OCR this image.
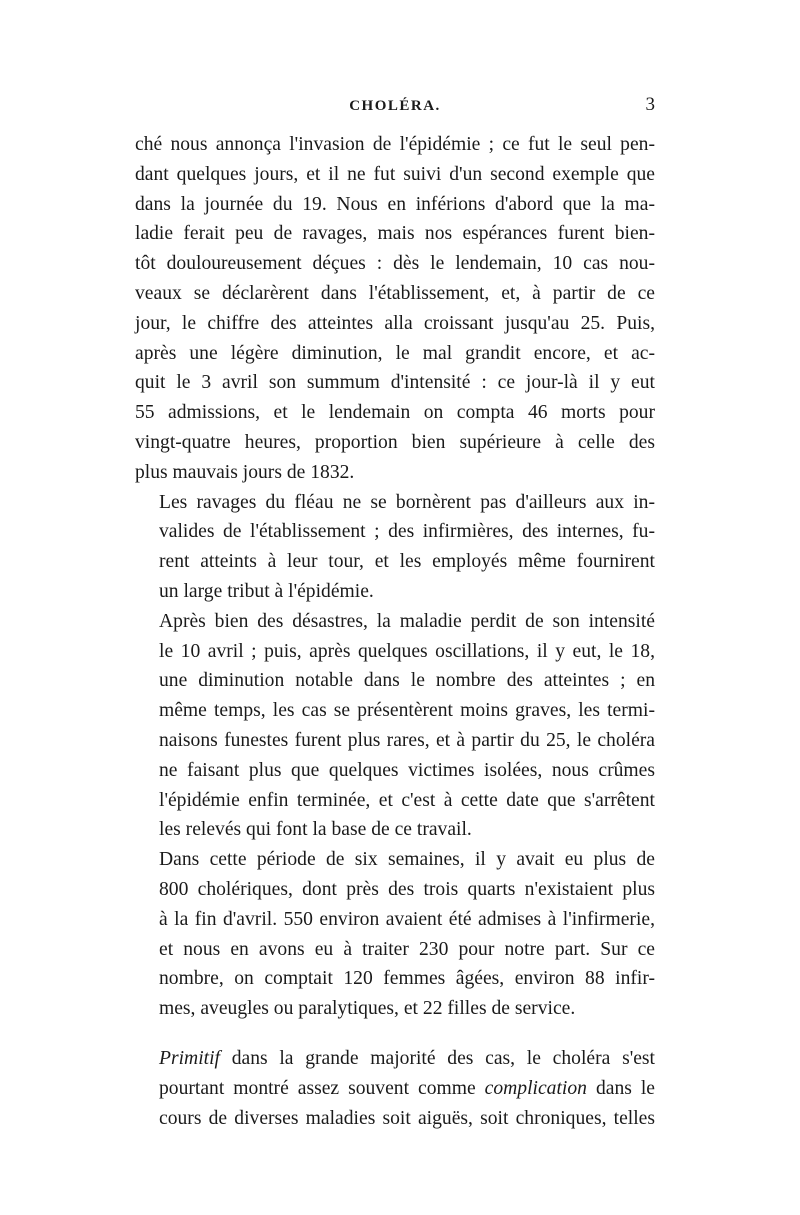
CHOLÉRA.	3
ché nous annonça l'invasion de l'épidémie ; ce fut le seul pen-
dant quelques jours, et il ne fut suivi d'un second exemple que
dans la journée du 19. Nous en inférions d'abord que la ma-
ladie ferait peu de ravages, mais nos espérances furent bien-
tôt douloureusement déçues : dès le lendemain, 10 cas nou-
veaux se déclarèrent dans l'établissement, et, à partir de ce
jour, le chiffre des atteintes alla croissant jusqu'au 25. Puis,
après une légère diminution, le mal grandit encore, et ac-
quit le 3 avril son summum d'intensité : ce jour-là il y eut
55 admissions, et le lendemain on compta 46 morts pour
vingt-quatre heures, proportion bien supérieure à celle des
plus mauvais jours de 1832.
Les ravages du fléau ne se bornèrent pas d'ailleurs aux in-
valides de l'établissement ; des infirmières, des internes, fu-
rent atteints à leur tour, et les employés même fournirent
un large tribut à l'épidémie.
Après bien des désastres, la maladie perdit de son intensité
le 10 avril ; puis, après quelques oscillations, il y eut, le 18,
une diminution notable dans le nombre des atteintes ; en
même temps, les cas se présentèrent moins graves, les termi-
naisons funestes furent plus rares, et à partir du 25, le choléra
ne faisant plus que quelques victimes isolées, nous crûmes
l'épidémie enfin terminée, et c'est à cette date que s'arrêtent
les relevés qui font la base de ce travail.
Dans cette période de six semaines, il y avait eu plus de
800 cholériques, dont près des trois quarts n'existaient plus
à la fin d'avril. 550 environ avaient été admises à l'infirmerie,
et nous en avons eu à traiter 230 pour notre part. Sur ce
nombre, on comptait 120 femmes âgées, environ 88 infir-
mes, aveugles ou paralytiques, et 22 filles de service.
Primitif dans la grande majorité des cas, le choléra s'est
pourtant montré assez souvent comme complication dans le
cours de diverses maladies soit aiguës, soit chroniques, telles
